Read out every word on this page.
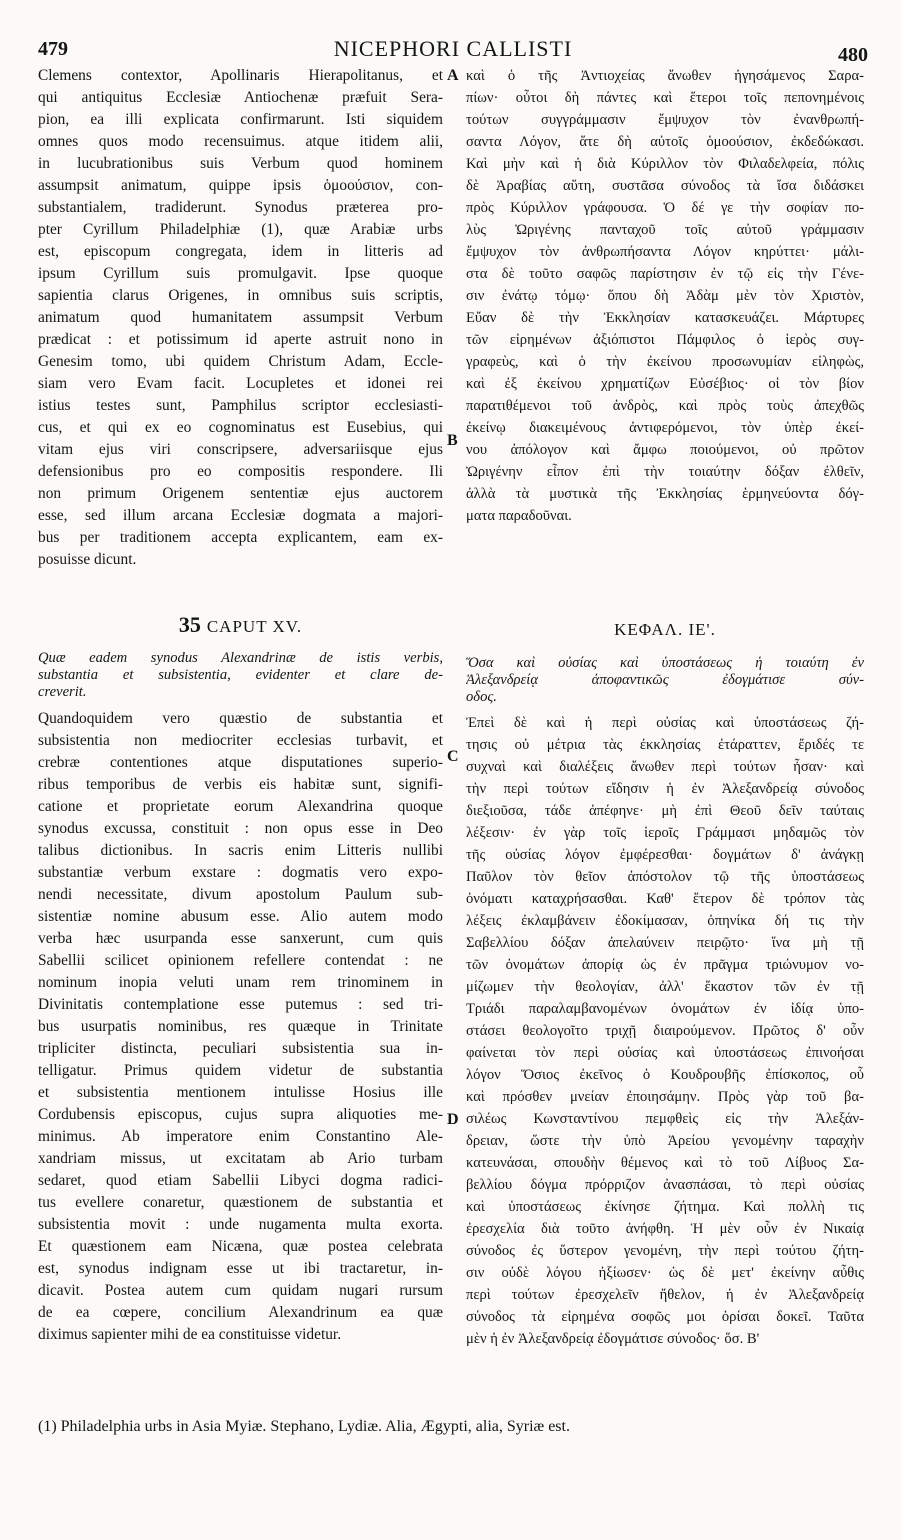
479	NICEPHORI CALLISTI	480
Clemens contextor, Apollinaris Hierapolitanus, et
qui antiquitus Ecclesiæ Antiochenæ præfuit Sera-
pion, ea illi explicata confirmarunt. Isti siquidem
omnes quos modo recensuimus. atque itidem alii,
in lucubrationibus suis Verbum quod hominem
assumpsit animatum, quippe ipsis ὁμοούσιον, con-
substantialem, tradiderunt. Synodus præterea pro-
pter Cyrillum Philadelphiæ (1), quæ Arabiæ urbs
est, episcopum congregata, idem in litteris ad
ipsum Cyrillum suis promulgavit. Ipse quoque
sapientia clarus Origenes, in omnibus suis scriptis,
animatum quod humanitatem assumpsit Verbum
prædicat : et potissimum id aperte astruit nono in
Genesim tomo, ubi quidem Christum Adam, Eccle-
siam vero Evam facit. Locupletes et idonei rei
istius testes sunt, Pamphilus scriptor ecclesiasti-
cus, et qui ex eo cognominatus est Eusebius, qui
vitam ejus viri conscripsere, adversariisque ejus
defensionibus pro eo compositis respondere. Ili
non primum Origenem sententiæ ejus auctorem
esse, sed illum arcana Ecclesiæ dogmata a majori-
bus per traditionem accepta explicantem, eam ex-
posuisse dicunt.
καὶ ὁ τῆς Ἀντιοχείας ἄνωθεν ἡγησάμενος Σαρα-
πίων· οὗτοι δὴ πάντες καὶ ἕτεροι τοῖς πεπονημένοις
τούτων συγγράμμασιν ἔμψυχον τὸν ἐνανθρωπή-
σαντα Λόγον, ἅτε δὴ αὐτοῖς ὁμοούσιον, ἐκδεδώκασι.
Καὶ μὴν καὶ ἡ διὰ Κύριλλον τὸν Φιλαδελφεία, πόλις
δὲ Ἀραβίας αὕτη, συστᾶσα σύνοδος τὰ ἴσα διδάσκει
πρὸς Κύριλλον γράφουσα. Ὁ δέ γε τὴν σοφίαν πο-
λὺς Ὠριγένης πανταχοῦ τοῖς αὐτοῦ γράμμασιν
ἔμψυχον τὸν ἀνθρωπήσαντα Λόγον κηρύττει· μάλι-
στα δὲ τοῦτο σαφῶς παρίστησιν ἐν τῷ εἰς τὴν Γένε-
σιν ἐνάτῳ τόμῳ· ὅπου δὴ Ἀδὰμ μὲν τὸν Χριστὸν,
Εὔαν δὲ τὴν Ἐκκλησίαν κατασκευάζει. Μάρτυρες
τῶν εἰρημένων ἀξιόπιστοι Πάμφιλος ὁ ἱερὸς συγ-
γραφεὺς, καὶ ὁ τὴν ἐκείνου προσωνυμίαν εἰληφὼς,
καὶ ἐξ ἐκείνου χρηματίζων Εὐσέβιος· οἱ τὸν βίον
παρατιθέμενοι τοῦ ἀνδρὸς, καὶ πρὸς τοὺς ἀπεχθῶς
ἐκείνῳ διακειμένους ἀντιφερόμενοι, τὸν ὑπὲρ ἐκεί-
νου ἀπόλογον καὶ ἄμφω ποιούμενοι, οὐ πρῶτον
Ὠριγένην εἶπον ἐπὶ τὴν τοιαύτην δόξαν ἐλθεῖν,
ἀλλὰ τὰ μυστικὰ τῆς Ἐκκλησίας ἑρμηνεύοντα δόγ-
ματα παραδοῦναι.
A
B
C
D
35 CAPUT XV.	ΚΕΦΑΛ. ΙΕ'.
Quæ eadem synodus Alexandrinæ de istis verbis,
substantia et subsistentia, evidenter et clare de-
creverit.
Ὅσα καὶ οὐσίας καὶ ὑποστάσεως ἡ τοιαύτη ἐν
Ἀλεξανδρείᾳ ἀποφαντικῶς ἐδογμάτισε σύν-
οδος.
Quandoquidem vero quæstio de substantia et
subsistentia non mediocriter ecclesias turbavit, et
crebræ contentiones atque disputationes superio-
ribus temporibus de verbis eis habitæ sunt, signifi-
catione et proprietate eorum Alexandrina quoque
synodus excussa, constituit : non opus esse in Deo
talibus dictionibus. In sacris enim Litteris nullibi
substantiæ verbum exstare : dogmatis vero expo-
nendi necessitate, divum apostolum Paulum sub-
sistentiæ nomine abusum esse. Alio autem modo
verba hæc usurpanda esse sanxerunt, cum quis
Sabellii scilicet opinionem refellere contendat : ne
nominum inopia veluti unam rem trinominem in
Divinitatis contemplatione esse putemus : sed tri-
bus usurpatis nominibus, res quæque in Trinitate
tripliciter distincta, peculiari subsistentia sua in-
telligatur. Primus quidem videtur de substantia
et subsistentia mentionem intulisse Hosius ille
Cordubensis episcopus, cujus supra aliquoties me-
minimus. Ab imperatore enim Constantino Ale-
xandriam missus, ut excitatam ab Ario turbam
sedaret, quod etiam Sabellii Libyci dogma radici-
tus evellere conaretur, quæstionem de substantia et
subsistentia movit : unde nugamenta multa exorta.
Et quæstionem eam Nicæna, quæ postea celebrata
est, synodus indignam esse ut ibi tractaretur, in-
dicavit. Postea autem cum quidam nugari rursum
de ea cœpere, concilium Alexandrinum ea quæ
diximus sapienter mihi de ea constituisse videtur.
Ἐπεὶ δὲ καὶ ἡ περὶ οὐσίας καὶ ὑποστάσεως ζή-
τησις οὐ μέτρια τὰς ἐκκλησίας ἐτάραττεν, ἔριδές τε
συχναὶ καὶ διαλέξεις ἄνωθεν περὶ τούτων ἦσαν· καὶ
τὴν περὶ τούτων εἴδησιν ἡ ἐν Ἀλεξανδρείᾳ σύνοδος
διεξιοῦσα, τάδε ἀπέφηνε· μὴ ἐπὶ Θεοῦ δεῖν ταύταις
λέξεσιν· ἐν γὰρ τοῖς ἱεροῖς Γράμμασι μηδαμῶς τὸν
τῆς οὐσίας λόγον ἐμφέρεσθαι· δογμάτων δ' ἀνάγκῃ
Παῦλον τὸν θεῖον ἀπόστολον τῷ τῆς ὑποστάσεως
ὀνόματι καταχρήσασθαι. Καθ' ἕτερον δὲ τρόπον τὰς
λέξεις ἐκλαμβάνειν ἐδοκίμασαν, ὁπηνίκα δή τις τὴν
Σαβελλίου δόξαν ἀπελαύνειν πειρῷτο· ἵνα μὴ τῇ
τῶν ὀνομάτων ἀπορίᾳ ὡς ἐν πρᾶγμα τριώνυμον νο-
μίζωμεν τὴν θεολογίαν, ἀλλ' ἕκαστον τῶν ἐν τῇ
Τριάδι παραλαμβανομένων ὀνομάτων ἐν ἰδίᾳ ὑπο-
στάσει θεολογοῖτο τριχῇ διαιρούμενον. Πρῶτος δ' οὖν
φαίνεται τὸν περὶ οὐσίας καὶ ὑποστάσεως ἐπινοήσαι
λόγον Ὅσιος ἐκεῖνος ὁ Κουδρουβῆς ἐπίσκοπος, οὗ
καὶ πρόσθεν μνείαν ἐποιησάμην. Πρὸς γὰρ τοῦ βα-
σιλέως Κωνσταντίνου πεμφθεὶς εἰς τὴν Ἀλεξάν-
δρειαν, ὥστε τὴν ὑπὸ Ἀρείου γενομένην ταραχὴν
κατευνάσαι, σπουδὴν θέμενος καὶ τὸ τοῦ Λίβυος Σα-
βελλίου δόγμα πρόρριζον ἀνασπάσαι, τὸ περὶ οὐσίας
καὶ ὑποστάσεως ἐκίνησε ζήτημα. Καὶ πολλὴ τις
ἐρεσχελία διὰ τοῦτο ἀνήφθη. Ἡ μὲν οὖν ἐν Νικαίᾳ
σύνοδος ἐς ὕστερον γενομένη, τὴν περὶ τούτου ζήτη-
σιν οὐδὲ λόγου ἠξίωσεν· ὡς δὲ μετ' ἐκείνην αὖθις
περὶ τούτων ἐρεσχελεῖν ἤθελον, ἡ ἐν Ἀλεξανδρείᾳ
σύνοδος τὰ εἰρημένα σοφῶς μοι ὁρίσαι δοκεῖ. Ταῦτα
μὲν ἡ ἐν Ἀλεξανδρείᾳ ἐδογμάτισε σύνοδος· ὅσ. Β'
(1) Philadelphia urbs in Asia Myiæ. Stephano, Lydiæ. Alia, Ægypti, alia, Syriæ est.
